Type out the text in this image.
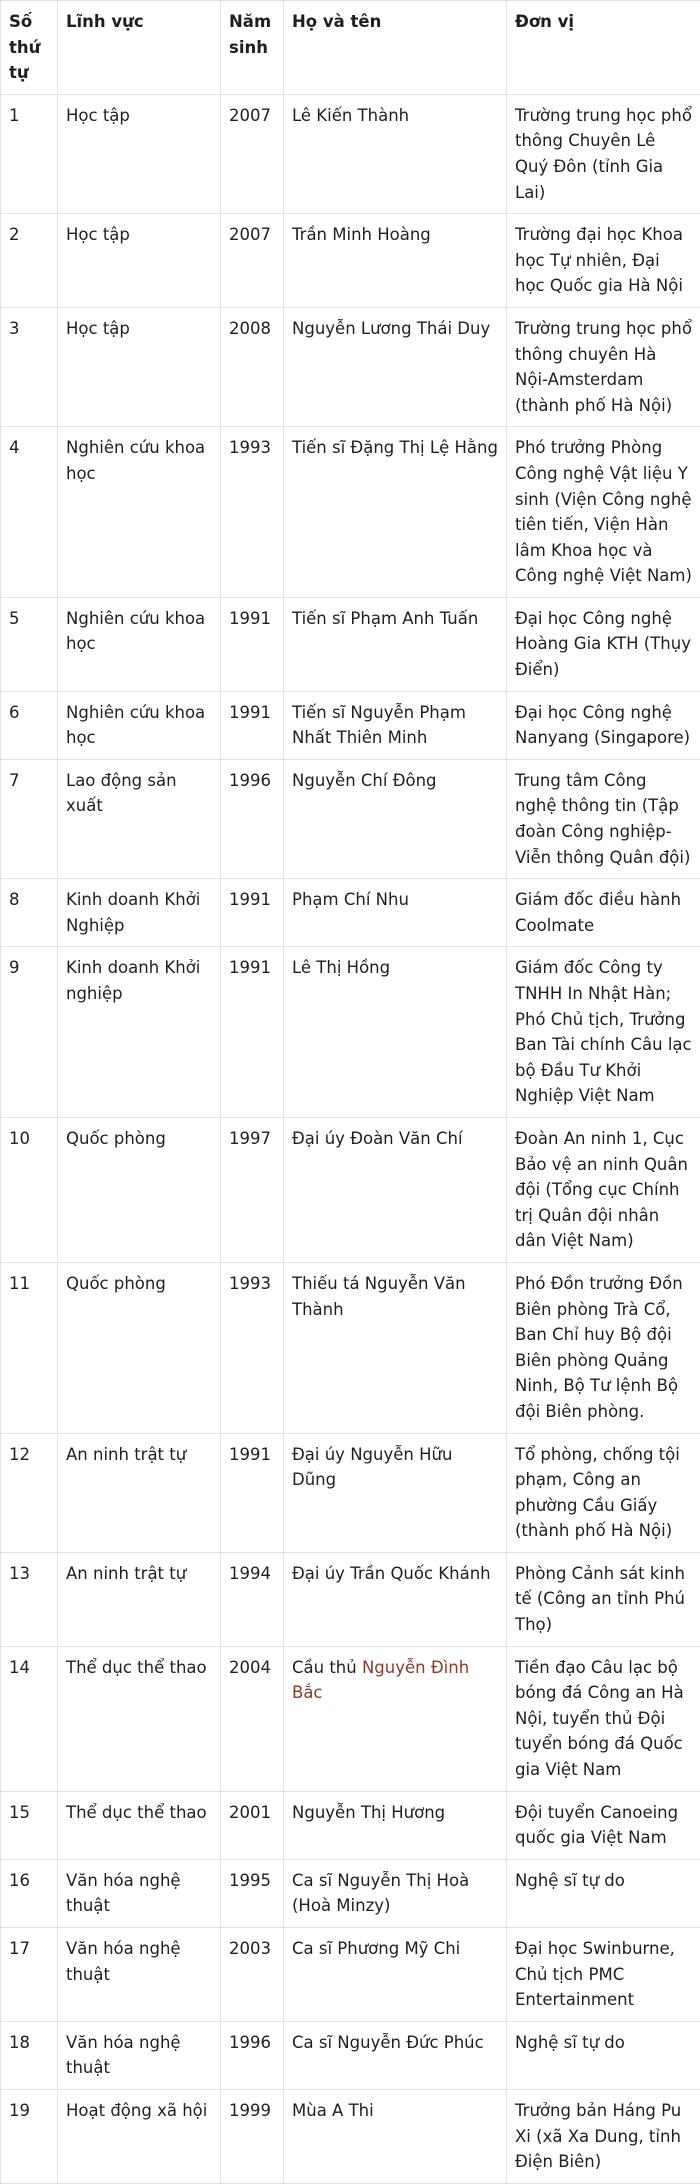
Số thứ tự	Lĩnh vực	Năm sinh	Họ và tên	Đơn vị
1	Học tập	2007	Lê Kiến Thành	Trường trung học phổ thông Chuyên Lê Quý Đôn (tỉnh Gia Lai)
2	Học tập	2007	Trần Minh Hoàng	Trường đại học Khoa học Tự nhiên, Đại học Quốc gia Hà Nội
3	Học tập	2008	Nguyễn Lương Thái Duy	Trường trung học phổ thông chuyên Hà Nội-Amsterdam (thành phố Hà Nội)
4	Nghiên cứu khoa học	1993	Tiến sĩ Đặng Thị Lệ Hằng	Phó trưởng Phòng Công nghệ Vật liệu Y sinh (Viện Công nghệ tiên tiến, Viện Hàn lâm Khoa học và Công nghệ Việt Nam)
5	Nghiên cứu khoa học	1991	Tiến sĩ Phạm Anh Tuấn	Đại học Công nghệ Hoàng Gia KTH (Thụy Điển)
6	Nghiên cứu khoa học	1991	Tiến sĩ Nguyễn Phạm Nhất Thiên Minh	Đại học Công nghệ Nanyang (Singapore)
7	Lao động sản xuất	1996	Nguyễn Chí Đông	Trung tâm Công nghệ thông tin (Tập đoàn Công nghiệp-Viễn thông Quân đội)
8	Kinh doanh Khởi Nghiệp	1991	Phạm Chí Nhu	Giám đốc điều hành Coolmate
9	Kinh doanh Khởi nghiệp	1991	Lê Thị Hồng	Giám đốc Công ty TNHH In Nhật Hàn; Phó Chủ tịch, Trưởng Ban Tài chính Câu lạc bộ Đầu Tư Khởi Nghiệp Việt Nam
10	Quốc phòng	1997	Đại úy Đoàn Văn Chí	Đoàn An ninh 1, Cục Bảo vệ an ninh Quân đội (Tổng cục Chính trị Quân đội nhân dân Việt Nam)
11	Quốc phòng	1993	Thiếu tá Nguyễn Văn Thành	Phó Đồn trưởng Đồn Biên phòng Trà Cổ, Ban Chỉ huy Bộ đội Biên phòng Quảng Ninh, Bộ Tư lệnh Bộ đội Biên phòng.
12	An ninh trật tự	1991	Đại úy Nguyễn Hữu Dũng	Tổ phòng, chống tội phạm, Công an phường Cầu Giấy (thành phố Hà Nội)
13	An ninh trật tự	1994	Đại úy Trần Quốc Khánh	Phòng Cảnh sát kinh tế (Công an tỉnh Phú Thọ)
14	Thể dục thể thao	2004	Cầu thủ Nguyễn Đình Bắc	Tiền đạo Câu lạc bộ bóng đá Công an Hà Nội, tuyển thủ Đội tuyển bóng đá Quốc gia Việt Nam
15	Thể dục thể thao	2001	Nguyễn Thị Hương	Đội tuyển Canoeing quốc gia Việt Nam
16	Văn hóa nghệ thuật	1995	Ca sĩ Nguyễn Thị Hoà (Hoà Minzy)	Nghệ sĩ tự do
17	Văn hóa nghệ thuật	2003	Ca sĩ Phương Mỹ Chi	Đại học Swinburne, Chủ tịch PMC Entertainment
18	Văn hóa nghệ thuật	1996	Ca sĩ Nguyễn Đức Phúc	Nghệ sĩ tự do
19	Hoạt động xã hội	1999	Mùa A Thi	Trưởng bản Háng Pu Xi (xã Xa Dung, tỉnh Điện Biên)
